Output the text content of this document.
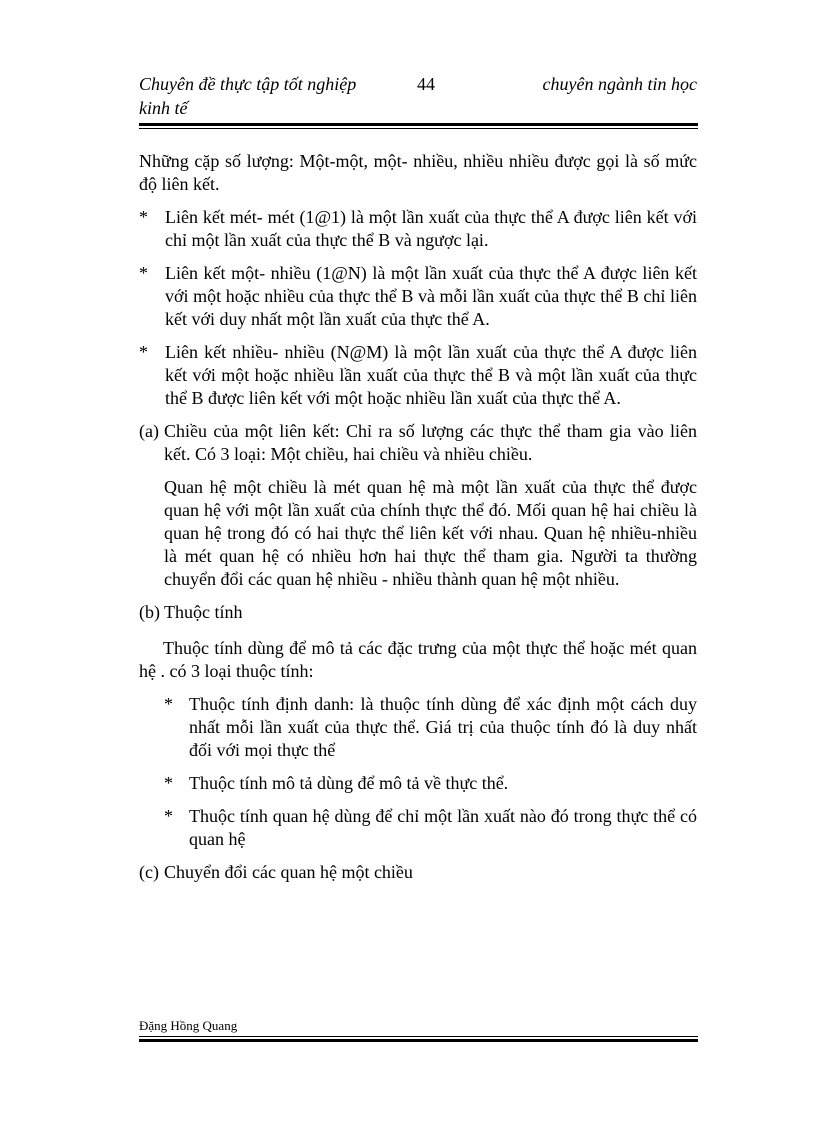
Chuyên đề thực tập tốt nghiệp
kinh tế
44	chuyên ngành tin học

Những cặp số lượng: Một-một, một- nhiều, nhiều nhiều được gọi là số mức độ liên kết.

* Liên kết mét- mét (1@1) là một lần xuất của thực thể A được liên kết với chỉ một lần xuất của thực thể B và ngược lại.
* Liên kết một- nhiều (1@N) là một lần xuất của thực thể A được liên kết với một hoặc nhiều của thực thể B và mỗi lần xuất của thực thể B chỉ liên kết với duy nhất một lần xuất của thực thể A.
* Liên kết nhiều- nhiều (N@M) là một lần xuất của thực thể A được liên kết với một hoặc nhiều lần xuất của thực thể B và một lần xuất của thực thể B được liên kết với một hoặc nhiều lần xuất của thực thể A.
(a) Chiều của một liên kết: Chỉ ra số lượng các thực thể tham gia vào liên kết. Có 3 loại: Một chiều, hai chiều và nhiều chiều.

Quan hệ một chiều là mét quan hệ mà một lần xuất của thực thể được quan hệ với một lần xuất của chính thực thể đó. Mối quan hệ hai chiều là quan hệ trong đó có hai thực thể liên kết với nhau. Quan hệ nhiều-nhiều là mét quan hệ có nhiều hơn hai thực thể tham gia. Người ta thường chuyển đổi các quan hệ nhiều - nhiều thành quan hệ một nhiều.

(b) Thuộc tính

Thuộc tính dùng để mô tả các đặc trưng của một thực thể hoặc mét quan hệ . có 3 loại thuộc tính:

* Thuộc tính định danh: là thuộc tính dùng để xác định một cách duy nhất mỗi lần xuất của thực thể. Giá trị của thuộc tính đó là duy nhất đối với mọi thực thể
* Thuộc tính mô tả dùng để mô tả về thực thể.
* Thuộc tính quan hệ dùng để chỉ một lần xuất nào đó trong thực thể có quan hệ
(c) Chuyển đổi các quan hệ một chiều
Đặng Hồng Quang
